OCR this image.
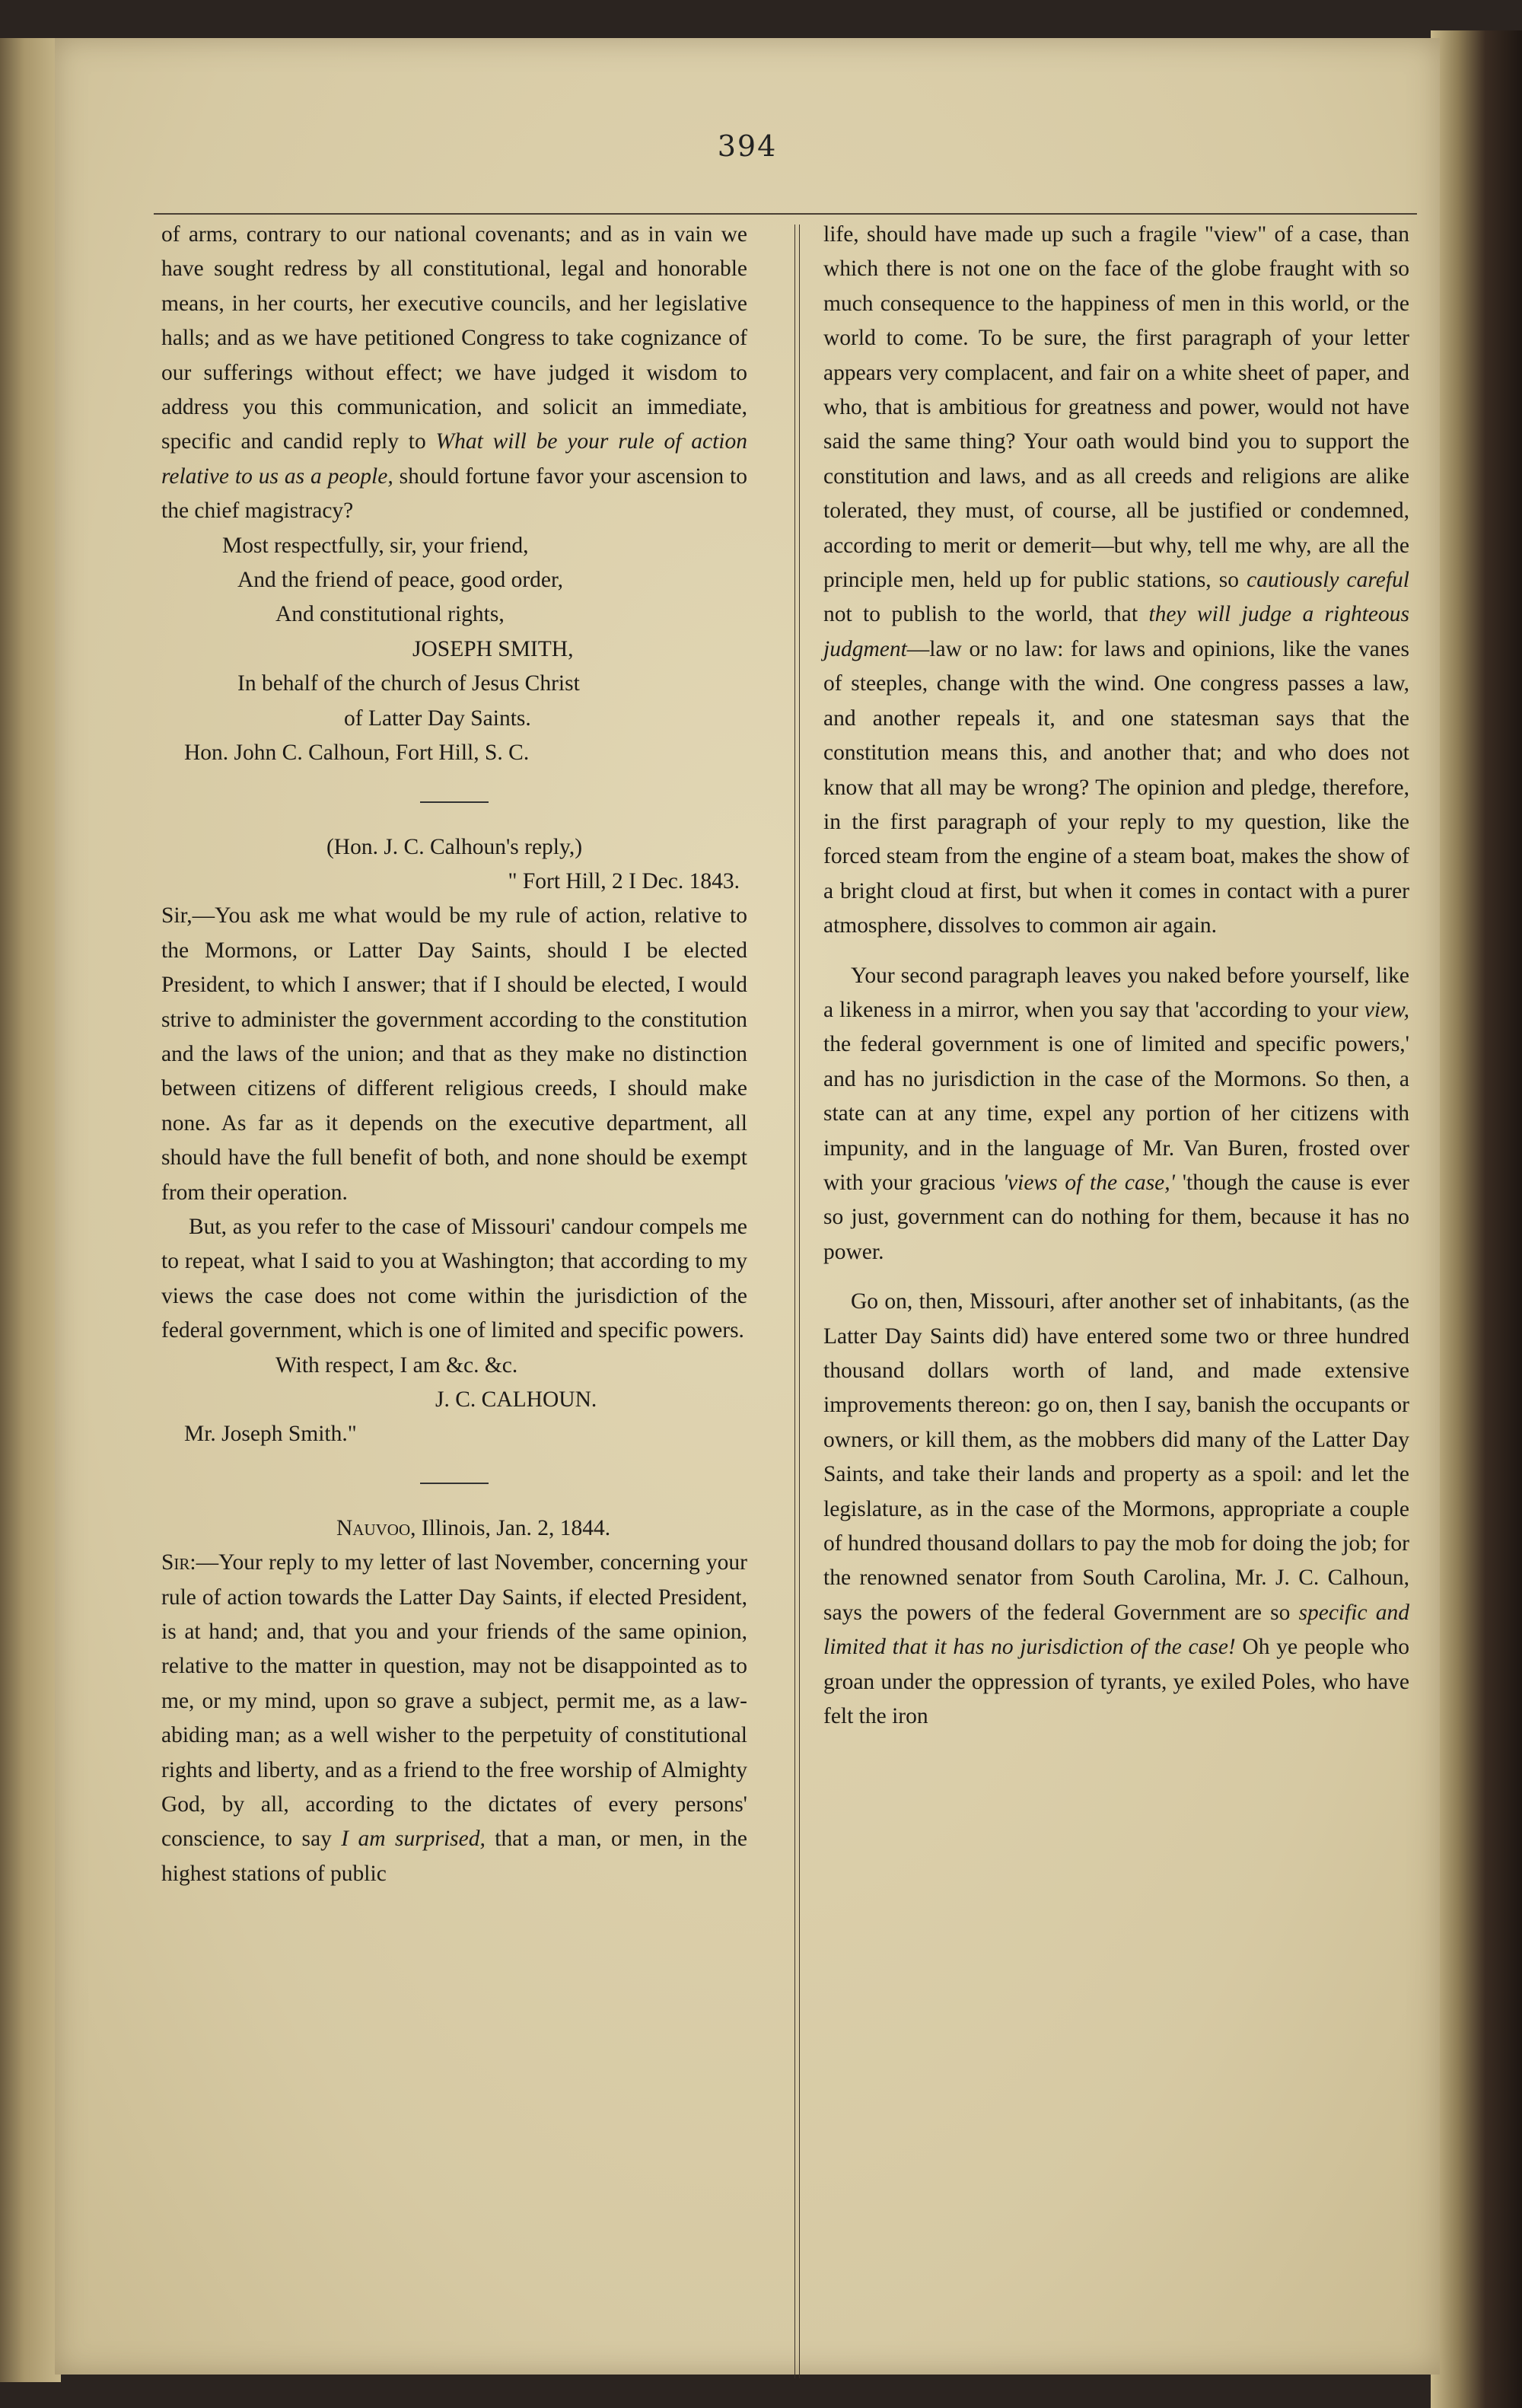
394

of arms, contrary to our national covenants; and as in vain we have sought redress by all constitutional, legal and honorable means, in her courts, her executive councils, and her legislative halls; and as we have petitioned Congress to take cognizance of our sufferings without effect; we have judged it wisdom to address you this communication, and solicit an immediate, specific and candid reply to What will be your rule of action relative to us as a people, should fortune favor your ascension to the chief magistracy?

Most respectfully, sir, your friend,
And the friend of peace, good order,
And constitutional rights,
JOSEPH SMITH,
In behalf of the church of Jesus Christ
of Latter Day Saints.
Hon. John C. Calhoun, Fort Hill, S. C.
(Hon. J. C. Calhoun's reply,)
" Fort Hill, 2 I Dec. 1843.

Sir,—You ask me what would be my rule of action, relative to the Mormons, or Latter Day Saints, should I be elected President, to which I answer; that if I should be elected, I would strive to administer the government according to the constitution and the laws of the union; and that as they make no distinction between citizens of different religious creeds, I should make none. As far as it depends on the executive department, all should have the full benefit of both, and none should be exempt from their operation.

But, as you refer to the case of Missouri' candour compels me to repeat, what I said to you at Washington; that according to my views the case does not come within the jurisdiction of the federal government, which is one of limited and specific powers.

With respect, I am &c. &c.
J. C. CALHOUN.
Mr. Joseph Smith."
Nauvoo, Illinois, Jan. 2, 1844.

Sir:—Your reply to my letter of last November, concerning your rule of action towards the Latter Day Saints, if elected President, is at hand; and, that you and your friends of the same opinion, relative to the matter in question, may not be disappointed as to me, or my mind, upon so grave a subject, permit me, as a law-abiding man; as a well wisher to the perpetuity of constitutional rights and liberty, and as a friend to the free worship of Almighty God, by all, according to the dictates of every persons' conscience, to say I am surprised, that a man, or men, in the highest stations of public

life, should have made up such a fragile "view" of a case, than which there is not one on the face of the globe fraught with so much consequence to the happiness of men in this world, or the world to come. To be sure, the first paragraph of your letter appears very complacent, and fair on a white sheet of paper, and who, that is ambitious for greatness and power, would not have said the same thing? Your oath would bind you to support the constitution and laws, and as all creeds and religions are alike tolerated, they must, of course, all be justified or condemned, according to merit or demerit—but why, tell me why, are all the principle men, held up for public stations, so cautiously careful not to publish to the world, that they will judge a righteous judgment—law or no law: for laws and opinions, like the vanes of steeples, change with the wind. One congress passes a law, and another repeals it, and one statesman says that the constitution means this, and another that; and who does not know that all may be wrong? The opinion and pledge, therefore, in the first paragraph of your reply to my question, like the forced steam from the engine of a steam boat, makes the show of a bright cloud at first, but when it comes in contact with a purer atmosphere, dissolves to common air again.

Your second paragraph leaves you naked before yourself, like a likeness in a mirror, when you say that 'according to your view, the federal government is one of limited and specific powers,' and has no jurisdiction in the case of the Mormons. So then, a state can at any time, expel any portion of her citizens with impunity, and in the language of Mr. Van Buren, frosted over with your gracious 'views of the case,' 'though the cause is ever so just, government can do nothing for them, because it has no power.

Go on, then, Missouri, after another set of inhabitants, (as the Latter Day Saints did) have entered some two or three hundred thousand dollars worth of land, and made extensive improvements thereon: go on, then I say, banish the occupants or owners, or kill them, as the mobbers did many of the Latter Day Saints, and take their lands and property as a spoil: and let the legislature, as in the case of the Mormons, appropriate a couple of hundred thousand dollars to pay the mob for doing the job; for the renowned senator from South Carolina, Mr. J. C. Calhoun, says the powers of the federal Government are so specific and limited that it has no jurisdiction of the case! Oh ye people who groan under the oppression of tyrants, ye exiled Poles, who have felt the iron
